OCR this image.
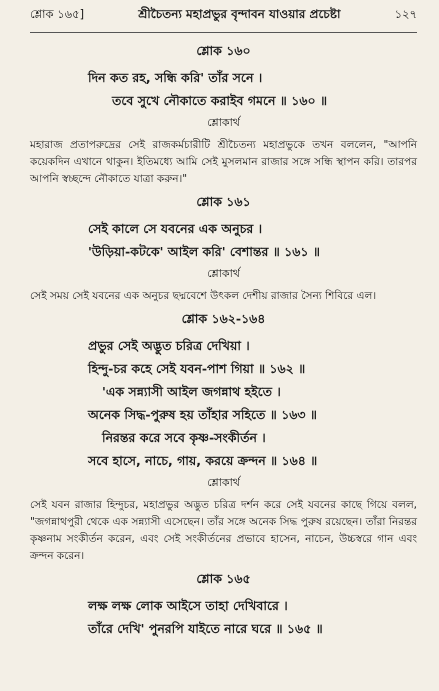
শ্লোক ১৬৫]	শ্রীচৈতন্য মহাপ্রভুর বৃন্দাবন যাওয়ার প্রচেষ্টা	১২৭
শ্লোক ১৬০
দিন কত রহ, সন্ধি করি' তাঁর সনে ।
তবে সুখে নৌকাতে করাইব গমনে ॥ ১৬০ ॥
শ্লোকার্থ
মহারাজ প্রতাপরুদ্রের সেই রাজকর্মচারীটি শ্রীচৈতন্য মহাপ্রভুকে তখন বললেন, "আপনি কয়েকদিন এখানে থাকুন। ইতিমধ্যে আমি সেই মুসলমান রাজার সঙ্গে সন্ধি স্থাপন করি। তারপর আপনি স্বচ্ছন্দে নৌকাতে যাত্রা করুন।"
শ্লোক ১৬১
সেই কালে সে যবনের এক অনুচর ।
'উড়িয়া-কটকে' আইল করি' বেশান্তর ॥ ১৬১ ॥
শ্লোকার্থ
সেই সময় সেই যবনের এক অনুচর ছদ্মবেশে উৎকল দেশীয় রাজার সৈন্য শিবিরে এল।
শ্লোক ১৬২-১৬৪
প্রভুর সেই অদ্ভুত চরিত্র দেখিয়া ।
হিন্দু-চর কহে সেই যবন-পাশ গিয়া ॥ ১৬২ ॥
'এক সন্ন্যাসী আইল জগন্নাথ হইতে ।
অনেক সিদ্ধ-পুরুষ হয় তাঁহার সহিতে ॥ ১৬৩ ॥
নিরন্তর করে সবে কৃষ্ণ-সংকীর্তন ।
সবে হাসে, নাচে, গায়, করয়ে ক্রন্দন ॥ ১৬৪ ॥
শ্লোকার্থ
সেই যবন রাজার হিন্দুচর, মহাপ্রভুর অদ্ভুত চরিত্র দর্শন করে সেই যবনের কাছে গিয়ে বলল, "জগন্নাথপুরী থেকে এক সন্ন্যাসী এসেছেন। তাঁর সঙ্গে অনেক সিদ্ধ পুরুষ রয়েছেন। তাঁরা নিরন্তর কৃষ্ণনাম সংকীর্তন করেন, এবং সেই সংকীর্তনের প্রভাবে হাসেন, নাচেন, উচ্চস্বরে গান এবং ক্রন্দন করেন।
শ্লোক ১৬৫
লক্ষ লক্ষ লোক আইসে তাহা দেখিবারে ।
তাঁরে দেখি' পুনরপি যাইতে নারে ঘরে ॥ ১৬৫ ॥
